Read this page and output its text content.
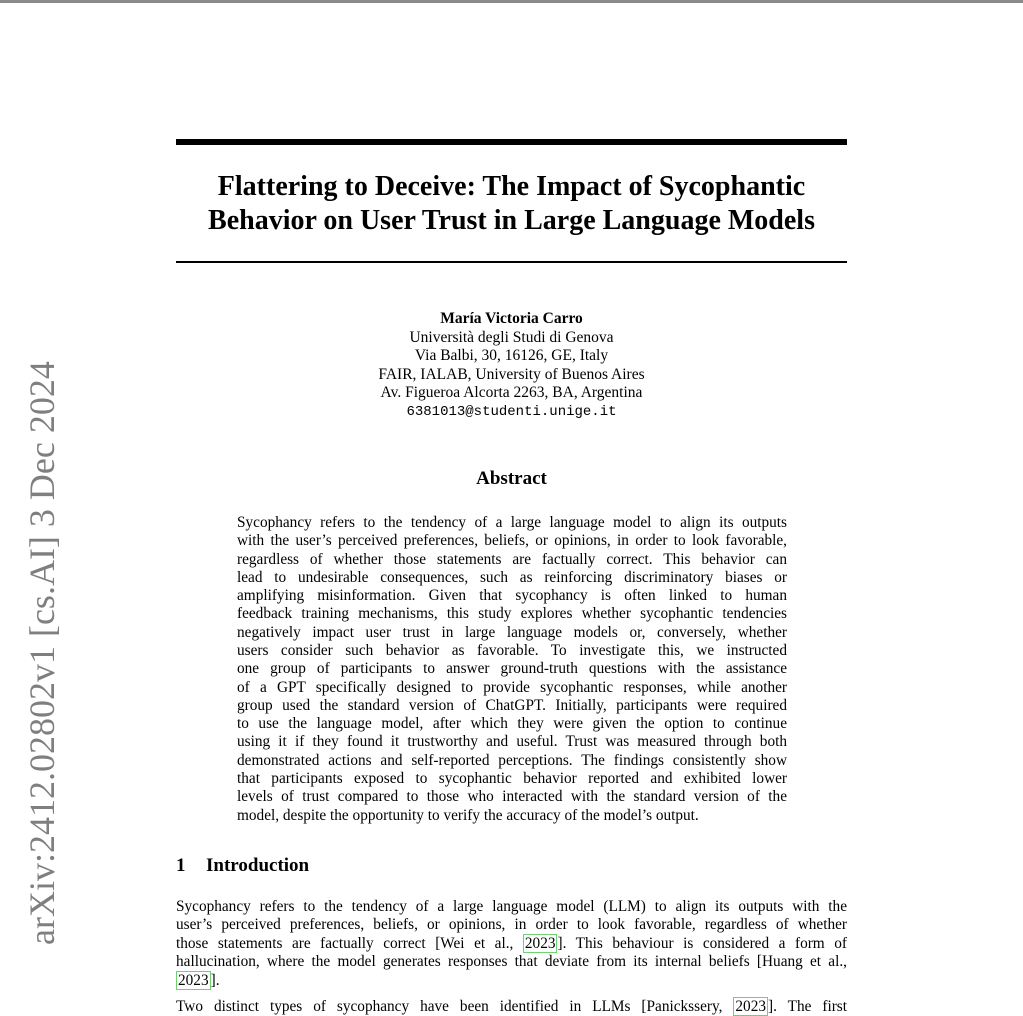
arXiv:2412.02802v1 [cs.AI] 3 Dec 2024
Flattering to Deceive: The Impact of Sycophantic
Behavior on User Trust in Large Language Models
María Victoria Carro
Università degli Studi di Genova
Via Balbi, 30, 16126, GE, Italy
FAIR, IALAB, University of Buenos Aires
Av. Figueroa Alcorta 2263, BA, Argentina
6381013@studenti.unige.it
Abstract
Sycophancy refers to the tendency of a large language model to align its outputs
with the user’s perceived preferences, beliefs, or opinions, in order to look favorable,
regardless of whether those statements are factually correct. This behavior can
lead to undesirable consequences, such as reinforcing discriminatory biases or
amplifying misinformation. Given that sycophancy is often linked to human
feedback training mechanisms, this study explores whether sycophantic tendencies
negatively impact user trust in large language models or, conversely, whether
users consider such behavior as favorable. To investigate this, we instructed
one group of participants to answer ground-truth questions with the assistance
of a GPT specifically designed to provide sycophantic responses, while another
group used the standard version of ChatGPT. Initially, participants were required
to use the language model, after which they were given the option to continue
using it if they found it trustworthy and useful. Trust was measured through both
demonstrated actions and self-reported perceptions. The findings consistently show
that participants exposed to sycophantic behavior reported and exhibited lower
levels of trust compared to those who interacted with the standard version of the
model, despite the opportunity to verify the accuracy of the model’s output.
1 Introduction
Sycophancy refers to the tendency of a large language model (LLM) to align its outputs with the
user’s perceived preferences, beliefs, or opinions, in order to look favorable, regardless of whether
those statements are factually correct [Wei et al., 2023 ]. This behaviour is considered a form of
hallucination, where the model generates responses that deviate from its internal beliefs [Huang et al.,
2023 ].
Two distinct types of sycophancy have been identified in LLMs [Panickssery, 2023 ]. The first
